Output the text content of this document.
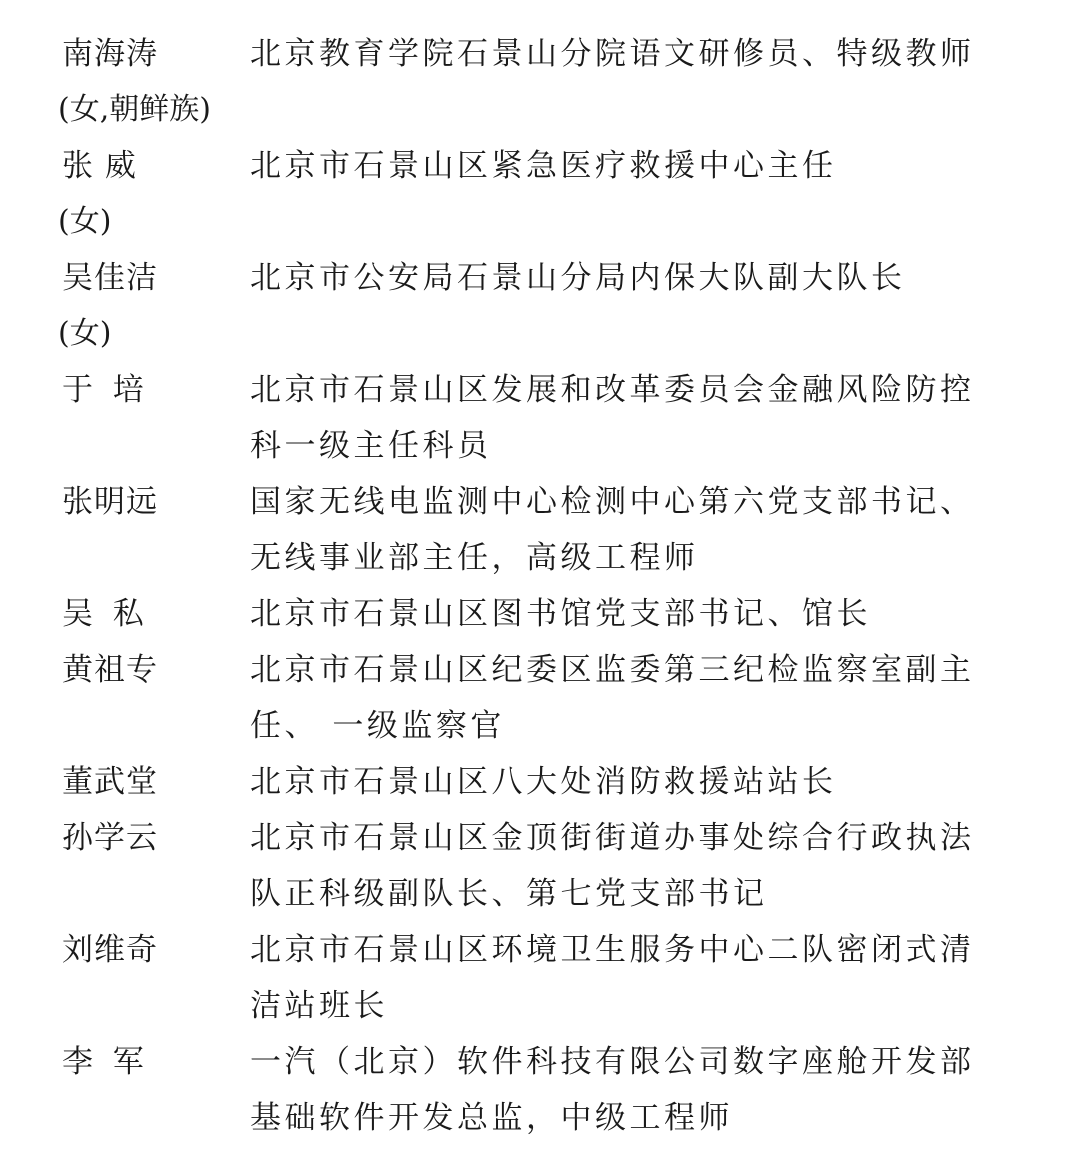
南海涛	北京教育学院石景山分院语文研修员、特级教师
(女,朝鲜族)
张 威	北京市石景山区紧急医疗救援中心主任
(女)
吴佳洁	北京市公安局石景山分局内保大队副大队长
(女)
于  培	北京市石景山区发展和改革委员会金融风险防控
科一级主任科员
张明远	国家无线电监测中心检测中心第六党支部书记、
无线事业部主任，高级工程师
吴  私	北京市石景山区图书馆党支部书记、馆长
黄祖专	北京市石景山区纪委区监委第三纪检监察室副主
任、 一级监察官
董武堂	北京市石景山区八大处消防救援站站长
孙学云	北京市石景山区金顶街街道办事处综合行政执法
队正科级副队长、第七党支部书记
刘维奇	北京市石景山区环境卫生服务中心二队密闭式清
洁站班长
李  军	一汽（北京）软件科技有限公司数字座舱开发部
基础软件开发总监，中级工程师
